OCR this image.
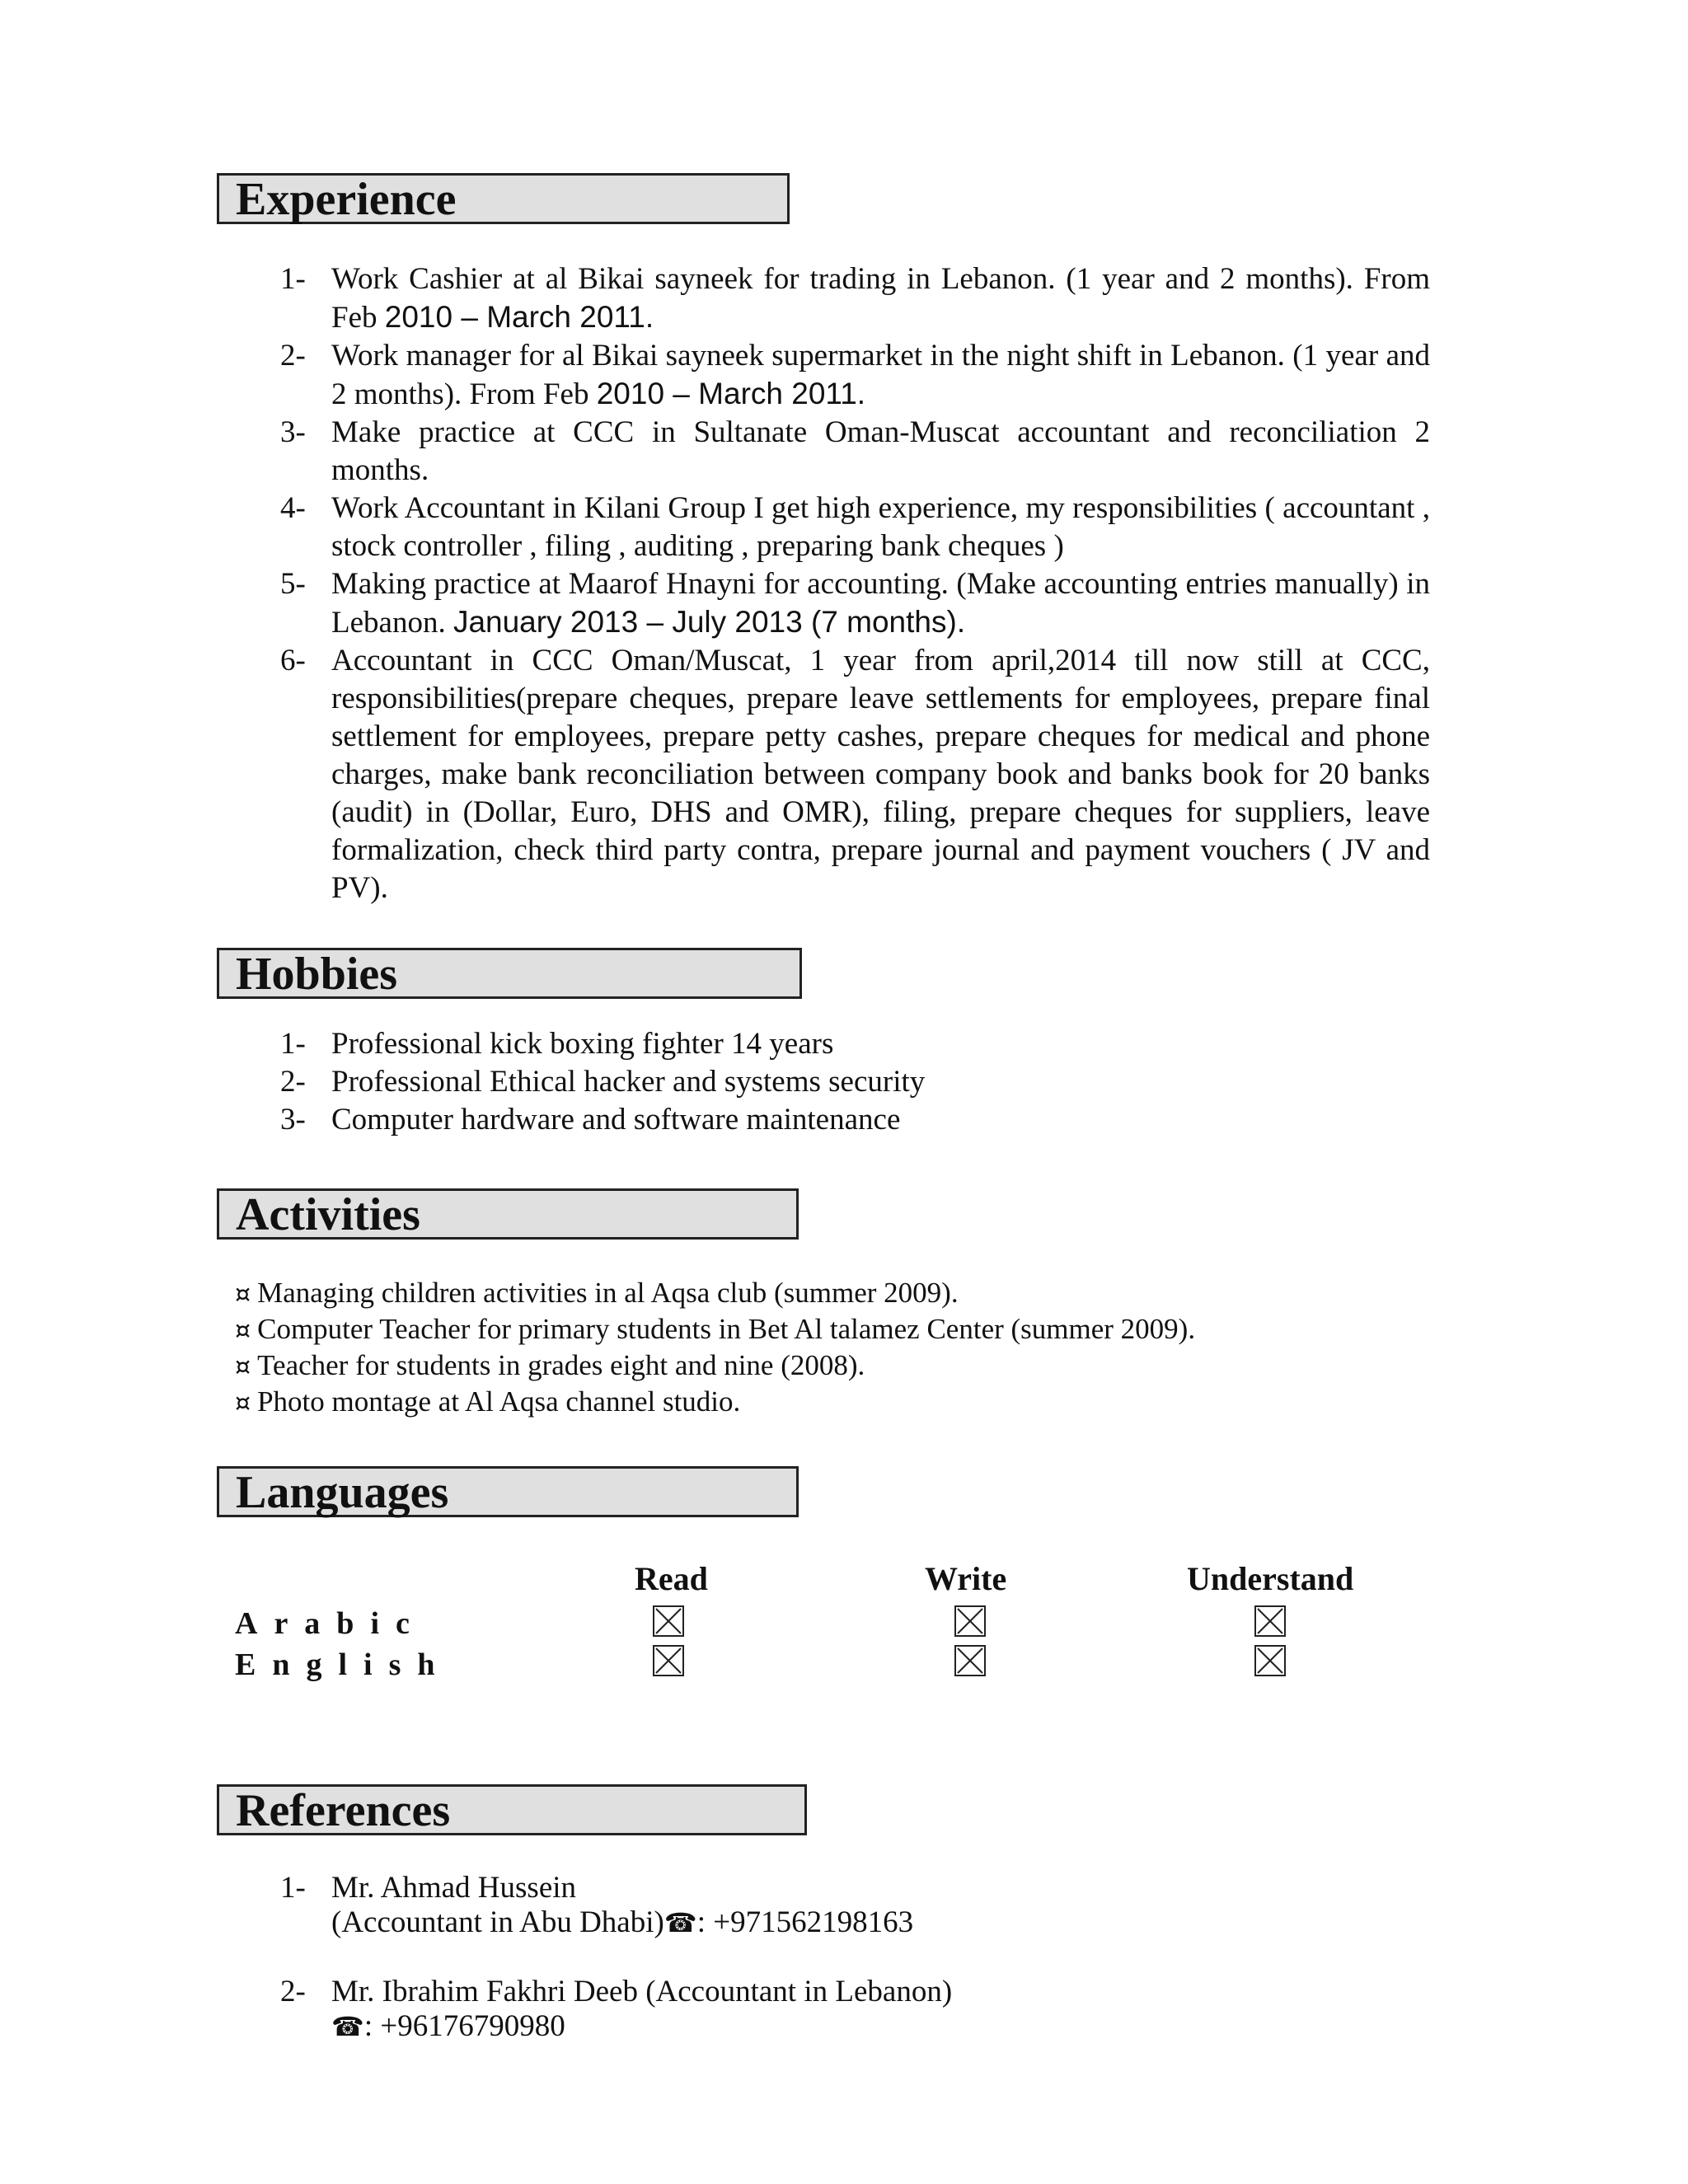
Experience
1- Work Cashier at al Bikai sayneek for trading in Lebanon. (1 year and 2 months). From Feb 2010 – March 2011.
2- Work manager for al Bikai sayneek supermarket in the night shift in Lebanon. (1 year and 2 months). From Feb 2010 – March 2011.
3- Make practice at CCC in Sultanate Oman-Muscat accountant and reconciliation 2 months.
4- Work Accountant in Kilani Group I get high experience, my responsibilities ( accountant , stock controller , filing , auditing , preparing bank cheques )
5- Making practice at Maarof Hnayni for accounting. (Make accounting entries manually) in Lebanon. January 2013 – July 2013 (7 months).
6- Accountant in CCC Oman/Muscat, 1 year from april,2014 till now still at CCC, responsibilities(prepare cheques, prepare leave settlements for employees, prepare final settlement for employees, prepare petty cashes, prepare cheques for medical and phone charges, make bank reconciliation between company book and banks book for 20 banks (audit) in (Dollar, Euro, DHS and OMR), filing, prepare cheques for suppliers, leave formalization, check third party contra, prepare journal and payment vouchers ( JV and PV).
Hobbies
1- Professional kick boxing fighter 14 years
2- Professional Ethical hacker and systems security
3- Computer hardware and software maintenance
Activities
¤ Managing children activities in al Aqsa club (summer 2009).
¤ Computer Teacher for primary students in Bet Al talamez Center (summer 2009).
¤ Teacher for students in grades eight and nine (2008).
¤ Photo montage at Al Aqsa channel studio.
Languages
Read	Write	Understand
Arabic
English
References
1- Mr. Ahmad Hussein
(Accountant in Abu Dhabi)☎: +971562198163
2- Mr. Ibrahim Fakhri Deeb (Accountant in Lebanon)
☎: +96176790980
